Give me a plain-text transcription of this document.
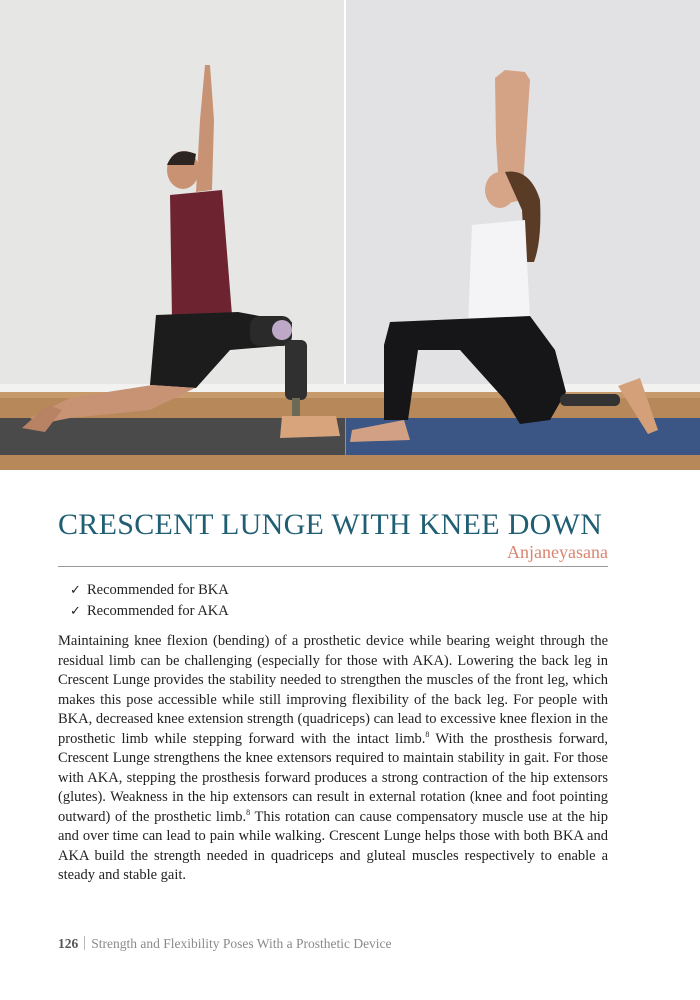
CRESCENT LUNGE WITH KNEE DOWN
Anjaneyasana
✓ Recommended for BKA
✓ Recommended for AKA

Maintaining knee flexion (bending) of a prosthetic device while bearing weight through the residual limb can be challenging (especially for those with AKA). Lowering the back leg in Crescent Lunge provides the stability needed to strengthen the muscles of the front leg, which makes this pose accessible while still improving flexibility of the back leg. For people with BKA, decreased knee extension strength (quadriceps) can lead to excessive knee flexion in the prosthetic limb while stepping forward with the intact limb.$^8$ With the prosthesis forward, Crescent Lunge strengthens the knee extensors required to maintain stability in gait. For those with AKA, stepping the prosthesis forward produces a strong contraction of the hip extensors (glutes). Weakness in the hip extensors can result in external rotation (knee and foot pointing outward) of the prosthetic limb.$^8$ This rotation can cause compensatory muscle use at the hip and over time can lead to pain while walking. Crescent Lunge helps those with both BKA and AKA build the strength needed in quadriceps and gluteal muscles respectively to enable a steady and stable gait.

126 Strength and Flexibility Poses With a Prosthetic Device
